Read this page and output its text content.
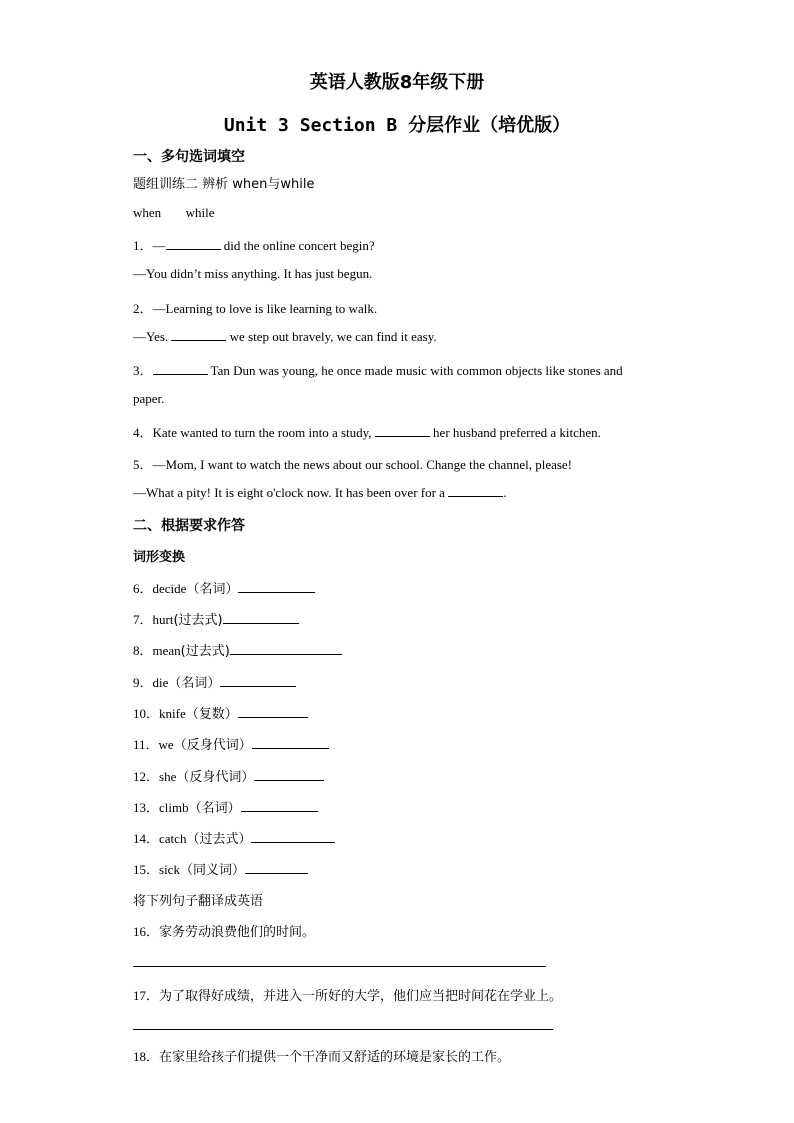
英语人教版8年级下册
Unit 3 Section B 分层作业（培优版）
一、多句选词填空
题组训练二 辨析 when与while
when while
1．—	did the online concert begin?
—You didn’t miss anything. It has just begun.
2．—Learning to love is like learning to walk.
—Yes.	we step out bravely, we can find it easy.
3．	Tan Dun was young, he once made music with common objects like stones and
paper.
4．Kate wanted to turn the room into a study,	her husband preferred a kitchen.
5．—Mom, I want to watch the news about our school. Change the channel, please!
—What a pity! It is eight o'clock now. It has been over for a	.
二、根据要求作答
词形变换
6．decide（名词）
7．hurt(过去式)
8．mean(过去式)
9．die（名词）
10．knife（复数）
11．we（反身代词）
12．she（反身代词）
13．climb（名词）
14．catch（过去式）
15．sick（同义词）
将下列句子翻译成英语
16．家务劳动浪费他们的时间。
17．为了取得好成绩，并进入一所好的大学，他们应当把时间花在学业上。
18．在家里给孩子们提供一个干净而又舒适的环境是家长的工作。
